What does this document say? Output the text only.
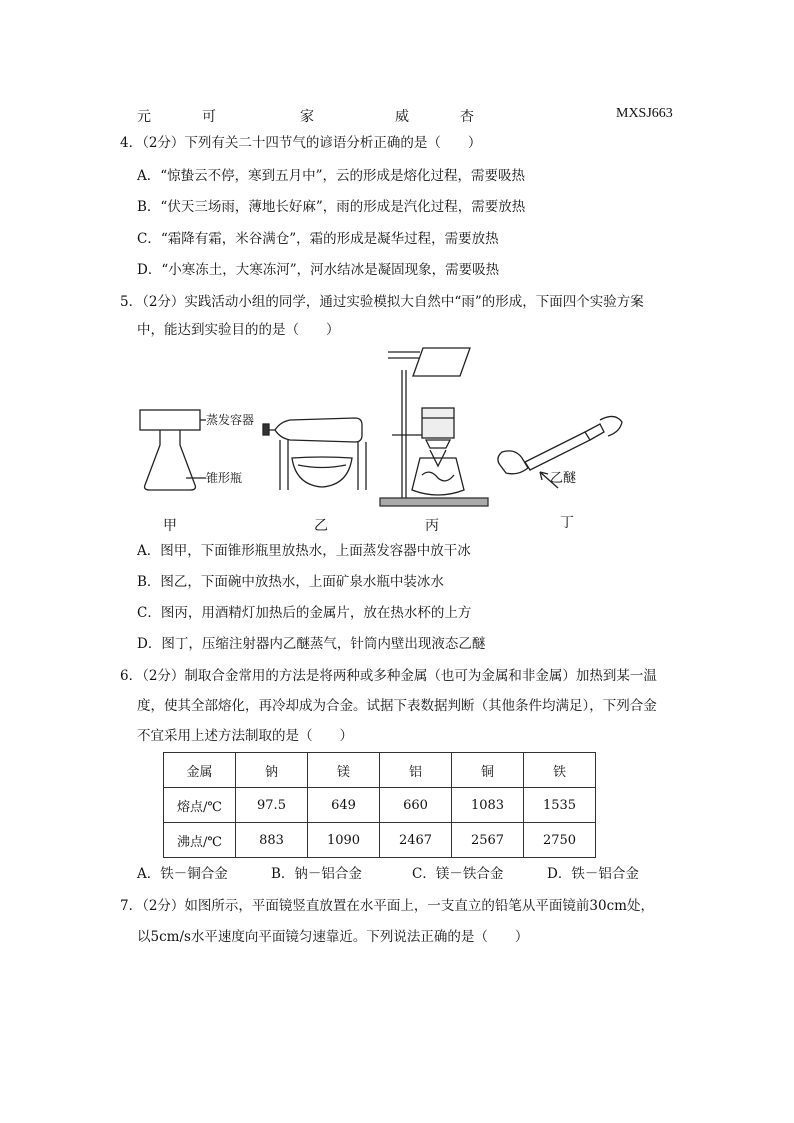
元	可	家	威	杏	MXSJ663
4．（2分）下列有关二十四节气的谚语分析正确的是（　　）
A．“惊蛰云不停，寒到五月中”，云的形成是熔化过程，需要吸热
B．“伏天三场雨，薄地长好麻”，雨的形成是汽化过程，需要放热
C．“霜降有霜，米谷满仓”，霜的形成是凝华过程，需要放热
D．“小寒冻土，大寒冻河”，河水结冰是凝固现象，需要吸热
5．（2分）实践活动小组的同学，通过实验模拟大自然中“雨”的形成，下面四个实验方案
中，能达到实验目的的是（　　）
蒸发容器
锥形瓶	乙醚
甲	乙	丙	丁
A．图甲，下面锥形瓶里放热水，上面蒸发容器中放干冰
B．图乙，下面碗中放热水，上面矿泉水瓶中装冰水
C．图丙，用酒精灯加热后的金属片，放在热水杯的上方
D．图丁，压缩注射器内乙醚蒸气，针筒内壁出现液态乙醚
6．（2分）制取合金常用的方法是将两种或多种金属（也可为金属和非金属）加热到某一温
度，使其全部熔化，再冷却成为合金。试据下表数据判断（其他条件均满足），下列合金
不宜采用上述方法制取的是（　　）
金属	钠	镁	铝	铜	铁
熔点/℃	97.5	649	660	1083	1535
沸点/℃	883	1090	2467	2567	2750
A．铁－铜合金	B．钠－铝合金	C．镁－铁合金	D．铁－铝合金
7．（2分）如图所示，平面镜竖直放置在水平面上，一支直立的铅笔从平面镜前30cm处，
以5cm/s水平速度向平面镜匀速靠近。下列说法正确的是（　　）
